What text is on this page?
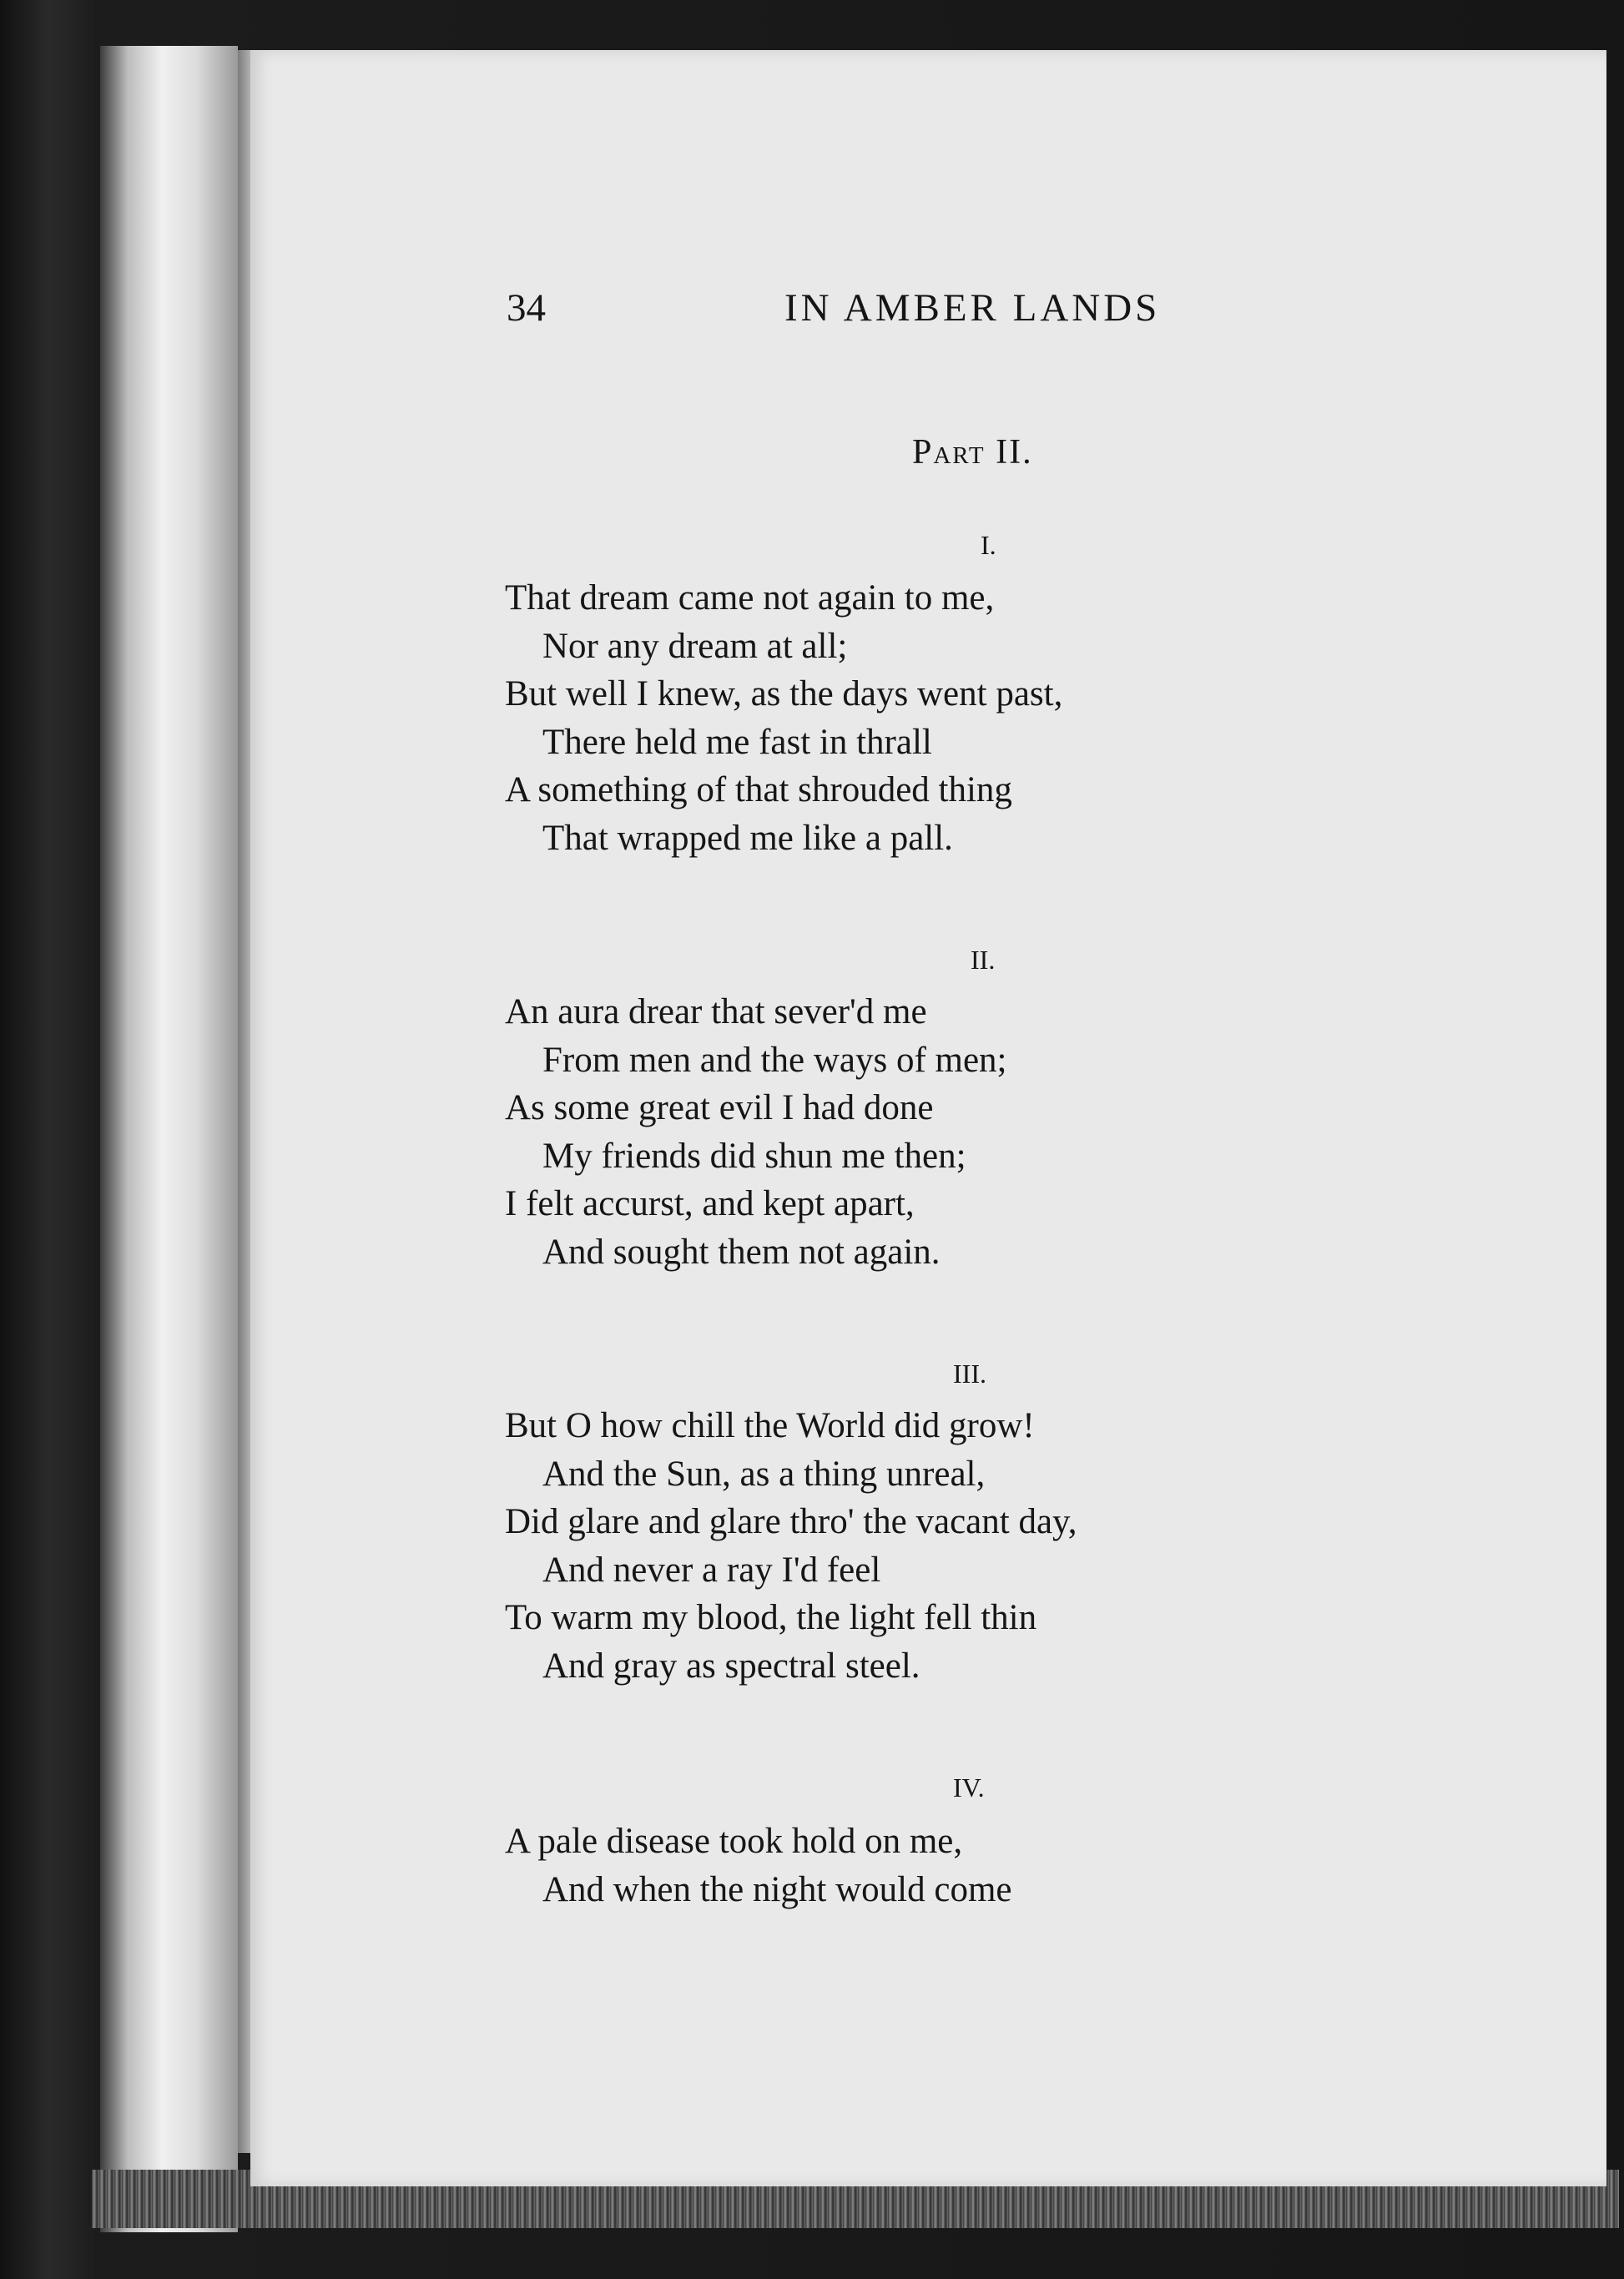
34	IN AMBER LANDS
Part II.
I.
That dream came not again to me,
Nor any dream at all;
But well I knew, as the days went past,
There held me fast in thrall
A something of that shrouded thing
That wrapped me like a pall.
II.
An aura drear that sever'd me
From men and the ways of men;
As some great evil I had done
My friends did shun me then;
I felt accurst, and kept apart,
And sought them not again.
III.
But O how chill the World did grow!
And the Sun, as a thing unreal,
Did glare and glare thro' the vacant day,
And never a ray I'd feel
To warm my blood, the light fell thin
And gray as spectral steel.
IV.
A pale disease took hold on me,
And when the night would come
